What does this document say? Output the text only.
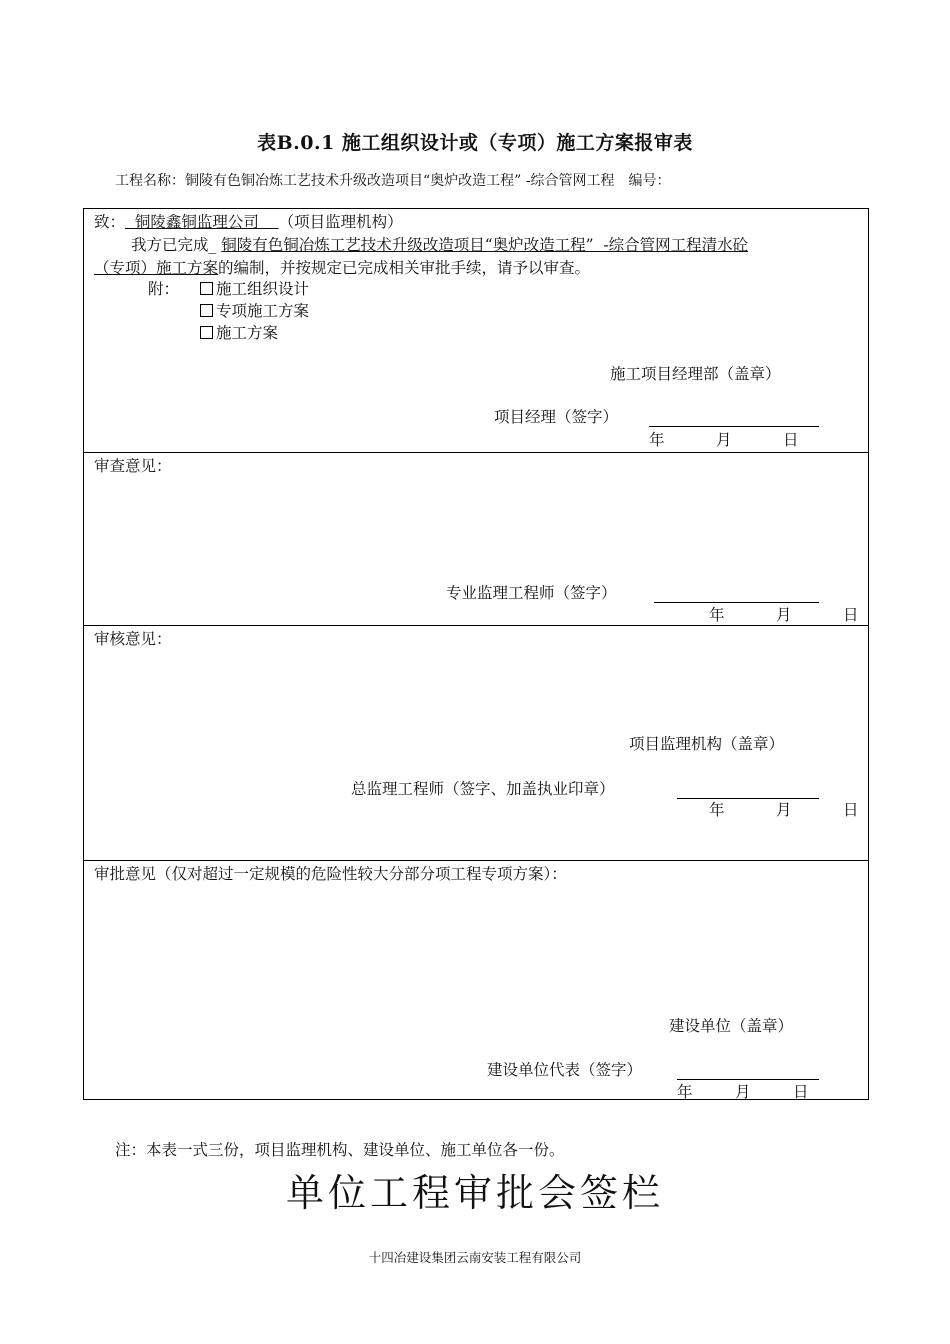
表B.0.1 施工组织设计或（专项）施工方案报审表
工程名称：铜陵有色铜冶炼工艺技术升级改造项目“奥炉改造工程” -综合管网工程 编号：
致：  铜陵鑫铜监理公司    （项目监理机构）
我方已完成_ 铜陵有色铜冶炼工艺技术升级改造项目“奥炉改造工程”  -综合管网工程清水砼
（专项）施工方案的编制，并按规定已完成相关审批手续，请予以审查。
附：	施工组织设计
专项施工方案
施工方案
施工项目经理部（盖章）
项目经理（签字）
年	月	日
审查意见：
专业监理工程师（签字）
年	月	日
审核意见：
项目监理机构（盖章）
总监理工程师（签字、加盖执业印章）
年	月	日
审批意见（仅对超过一定规模的危险性较大分部分项工程专项方案）：
建设单位（盖章）
建设单位代表（签字）
年	月	日
注：本表一式三份，项目监理机构、建设单位、施工单位各一份。
单位工程审批会签栏
十四冶建设集团云南安装工程有限公司
